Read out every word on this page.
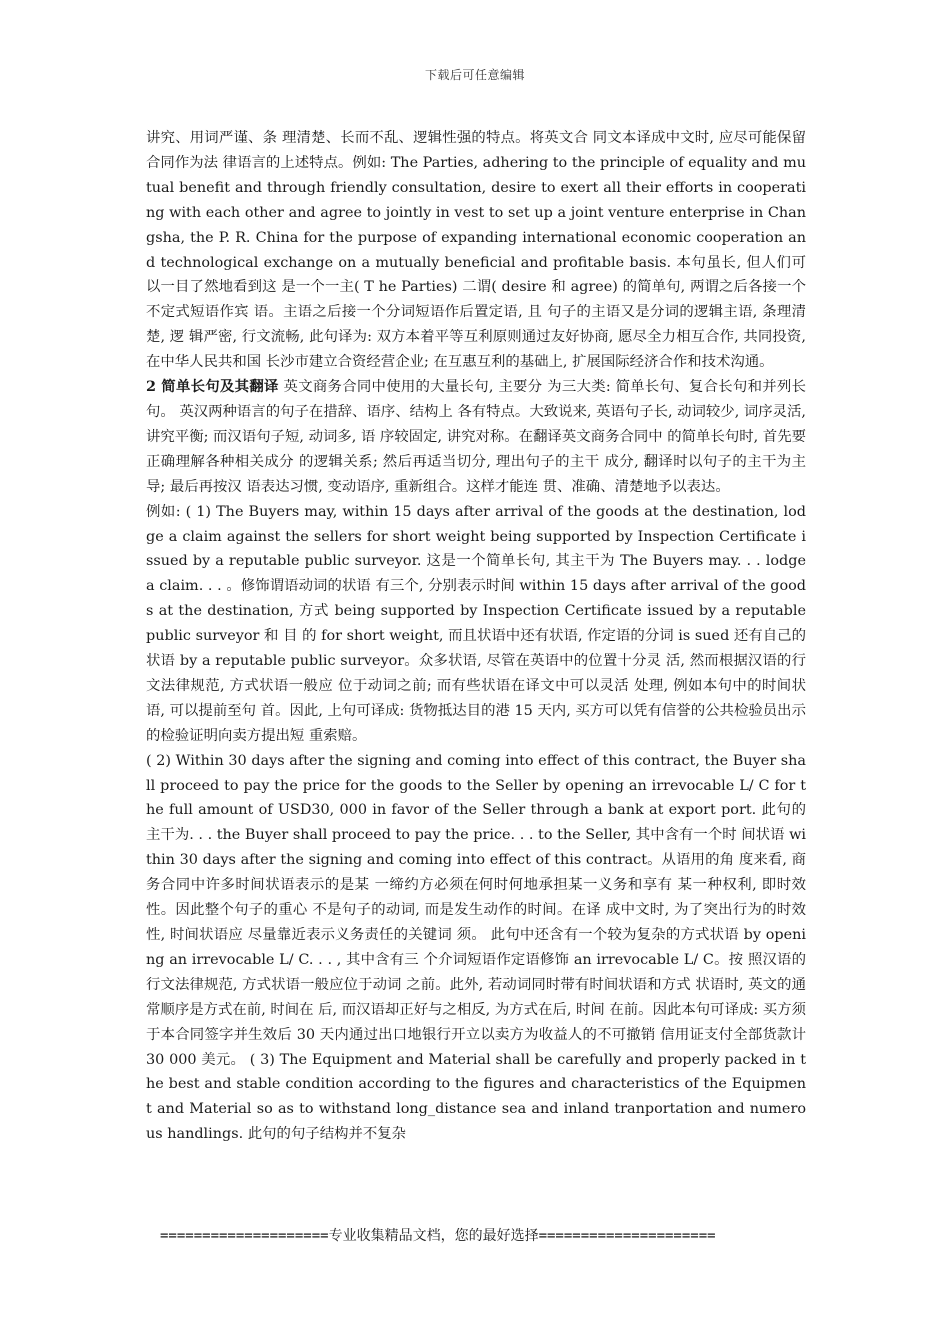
下载后可任意编辑

讲究、用词严谨、条 理清楚、长而不乱、逻辑性强的特点。将英文合 同文本译成中文时, 应尽可能保留合同作为法 律语言的上述特点。例如: The Parties, adhering to the principle of equality and mutual benefit and through friendly consultation, desire to exert all their efforts in cooperating with each other and agree to jointly in vest to set up a joint venture enterprise in Changsha, the P. R. China for the purpose of expanding international economic cooperation and technological exchange on a mutually beneficial and profitable basis. 本句虽长, 但人们可以一目了然地看到这 是一个一主( T he Parties) 二谓( desire 和 agree) 的简单句, 两谓之后各接一个不定式短语作宾 语。主语之后接一个分词短语作后置定语, 且 句子的主语又是分词的逻辑主语, 条理清楚, 逻 辑严密, 行文流畅, 此句译为: 双方本着平等互利原则通过友好协商, 愿尽全力相互合作, 共同投资, 在中华人民共和国 长沙市建立合资经营企业; 在互惠互利的基础上, 扩展国际经济合作和技术沟通。

2 简单长句及其翻译 英文商务合同中使用的大量长句, 主要分 为三大类: 简单长句、复合长句和并列长句。 英汉两种语言的句子在措辞、语序、结构上 各有特点。大致说来, 英语句子长, 动词较少, 词序灵活, 讲究平衡; 而汉语句子短, 动词多, 语 序较固定, 讲究对称。在翻译英文商务合同中 的简单长句时, 首先要正确理解各种相关成分 的逻辑关系; 然后再适当切分, 理出句子的主干 成分, 翻译时以句子的主干为主导; 最后再按汉 语表达习惯, 变动语序, 重新组合。这样才能连 贯、准确、清楚地予以表达。

例如: ( 1) The Buyers may, within 15 days after arrival of the goods at the destination, lodge a claim against the sellers for short weight being supported by Inspection Certificate issued by a reputable public surveyor. 这是一个简单长句, 其主干为 The Buyers may. . . lodge a claim. . . 。修饰谓语动词的状语 有三个, 分别表示时间 within 15 days after arrival of the goods at the destination, 方式 being supported by Inspection Certificate issued by a reputable public surveyor 和 目 的 for short weight, 而且状语中还有状语, 作定语的分词 is sued 还有自己的状语 by a reputable public surveyor。众多状语, 尽管在英语中的位置十分灵 活, 然而根据汉语的行文法律规范, 方式状语一般应 位于动词之前; 而有些状语在译文中可以灵活 处理, 例如本句中的时间状语, 可以提前至句 首。因此, 上句可译成: 货物抵达目的港 15 天内, 买方可以凭有信誉的公共检验员出示的检验证明向卖方提出短 重索赔。

( 2) Within 30 days after the signing and coming into effect of this contract, the Buyer shall proceed to pay the price for the goods to the Seller by opening an irrevocable L/ C for the full amount of USD30, 000 in favor of the Seller through a bank at export port. 此句的主干为. . . the Buyer shall proceed to pay the price. . . to the Seller, 其中含有一个时 间状语 within 30 days after the signing and coming into effect of this contract。从语用的角 度来看, 商务合同中许多时间状语表示的是某 一缔约方必须在何时何地承担某一义务和享有 某一种权利, 即时效性。因此整个句子的重心 不是句子的动词, 而是发生动作的时间。在译 成中文时, 为了突出行为的时效性, 时间状语应 尽量靠近表示义务责任的关键词 须。 此句中还含有一个较为复杂的方式状语 by opening an irrevocable L/ C. . . , 其中含有三 个介词短语作定语修饰 an irrevocable L/ C。按 照汉语的行文法律规范, 方式状语一般应位于动词 之前。此外, 若动词同时带有时间状语和方式 状语时, 英文的通常顺序是方式在前, 时间在 后, 而汉语却正好与之相反, 为方式在后, 时间 在前。因此本句可译成: 买方须于本合同签字并生效后 30 天内通过出口地银行开立以卖方为收益人的不可撤销 信用证支付全部货款计 30 000 美元。 ( 3) The Equipment and Material shall be carefully and properly packed in the best and stable condition according to the figures and characteristics of the Equipment and Material so as to withstand long_distance sea and inland tranportation and numerous handlings. 此句的句子结构并不复杂

====================专业收集精品文档，您的最好选择=====================
